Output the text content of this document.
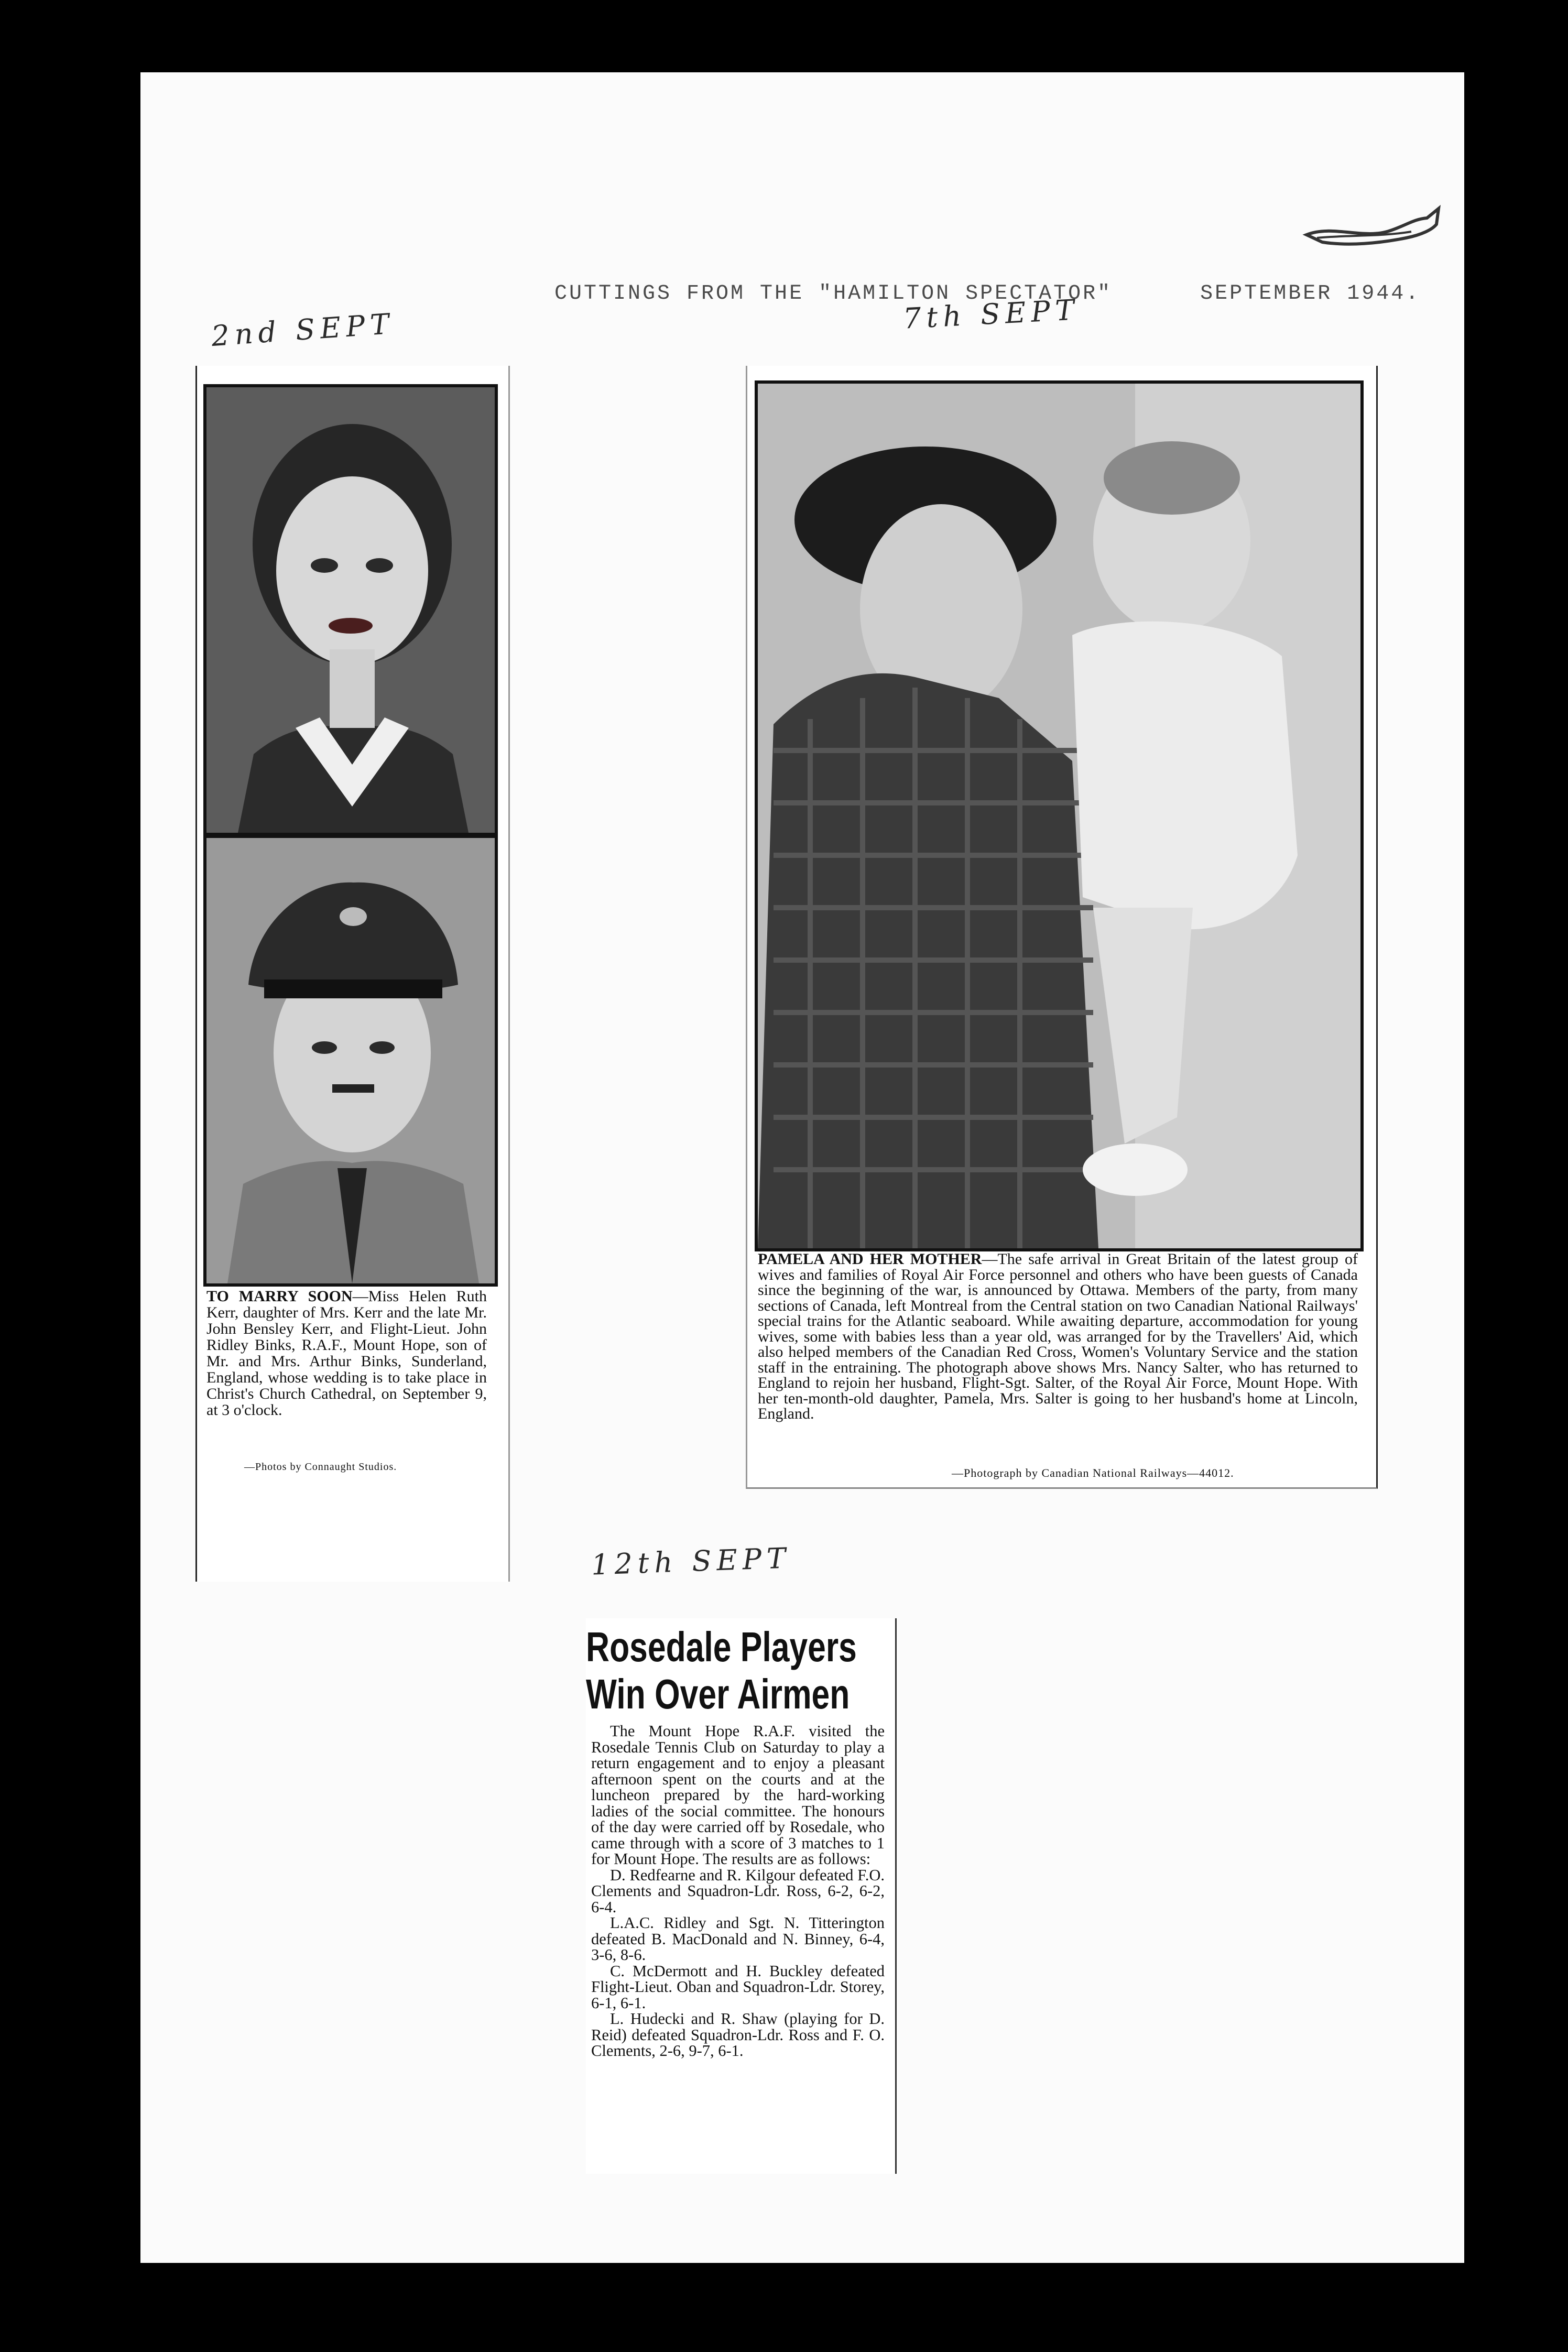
CUTTINGS FROM THE "HAMILTON SPECTATOR"	SEPTEMBER 1944.
2nd SEPT	7th SEPT
12th SEPT
TO MARRY SOON—Miss Helen Ruth Kerr, daughter of Mrs. Kerr and the late Mr. John Bensley Kerr, and Flight-Lieut. John Ridley Binks, R.A.F., Mount Hope, son of Mr. and Mrs. Arthur Binks, Sunderland, England, whose wedding is to take place in Christ's Church Cathedral, on September 9, at 3 o'clock.
—Photos by Connaught Studios.
PAMELA AND HER MOTHER—The safe arrival in Great Britain of the latest group of wives and families of Royal Air Force personnel and others who have been guests of Canada since the beginning of the war, is announced by Ottawa. Members of the party, from many sections of Canada, left Montreal from the Central station on two Canadian National Railways' special trains for the Atlantic seaboard. While awaiting departure, accommodation for young wives, some with babies less than a year old, was arranged for by the Travellers' Aid, which also helped members of the Canadian Red Cross, Women's Voluntary Service and the station staff in the entraining. The photograph above shows Mrs. Nancy Salter, who has returned to England to rejoin her husband, Flight-Sgt. Salter, of the Royal Air Force, Mount Hope. With her ten-month-old daughter, Pamela, Mrs. Salter is going to her husband's home at Lincoln, England.
—Photograph by Canadian National Railways—44012.
Rosedale Players
Win Over Airmen

The Mount Hope R.A.F. visited the Rosedale Tennis Club on Saturday to play a return engagement and to enjoy a pleasant afternoon spent on the courts and at the luncheon prepared by the hard-working ladies of the social committee. The honours of the day were carried off by Rosedale, who came through with a score of 3 matches to 1 for Mount Hope. The results are as follows:

D. Redfearne and R. Kilgour defeated F.O. Clements and Squadron-Ldr. Ross, 6-2, 6-2, 6-4.

L.A.C. Ridley and Sgt. N. Titterington defeated B. MacDonald and N. Binney, 6-4, 3-6, 8-6.

C. McDermott and H. Buckley defeated Flight-Lieut. Oban and Squadron-Ldr. Storey, 6-1, 6-1.

L. Hudecki and R. Shaw (playing for D. Reid) defeated Squadron-Ldr. Ross and F. O. Clements, 2-6, 9-7, 6-1.
